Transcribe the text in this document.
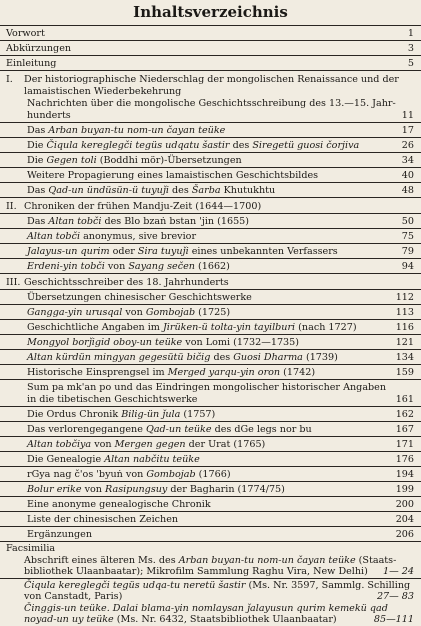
Inhaltsverzeichnis
Vorwort	1
Abkürzungen	3
Einleitung	5
I. Der historiographische Niederschlag der mongolischen Renaissance und der
lamaistischen Wiederbekehrung
Nachrichten über die mongolische Geschichtsschreibung des 13.—15. Jahr-
hunderts	11
Das Arban buyan-tu nom-un čayan teüke	17
Die Čiqula kereglegči tegüs udqatu šastir des Siregetü guosi čorjiva	26
Die Gegen toli (Boddhi mör)-Übersetzungen	34
Weitere Propagierung eines lamaistischen Geschichtsbildes	40
Das Qad-un ündüsün-ü tuyuǰi des Šarba Khutukhtu	48
II. Chroniken der frühen Mandju-Zeit (1644—1700)
Das Altan tobči des Blo bzaṅ bstan 'jin (1655)	50
Altan tobči anonymus, sive brevior	75
Jalayus-un qurim oder Sira tuyuǰi eines unbekannten Verfassers	79
Erdeni-yin tobči von Sayang sečen (1662)	94
III. Geschichtsschreiber des 18. Jahrhunderts
Übersetzungen chinesischer Geschichtswerke	112
Gangga-yin urusqal von Gombojab (1725)	113
Geschichtliche Angaben im Jirüken-ü tolta-yin tayilburi (nach 1727)	116
Mongyol borǰigid oboy-un teüke von Lomi (1732—1735)	121
Altan kürdün mingyan gegesütü bičig des Guosi Dharma (1739)	134
Historische Einsprengsel im Merged yarqu-yin oron (1742)	159
Sum pa mk'an po und das Eindringen mongolischer historischer Angaben
in die tibetischen Geschichtswerke	161
Die Ordus Chronik Bilig-ün ǰula (1757)	162
Das verlorengegangene Qad-un teüke des dGe legs nor bu	167
Altan tobčiya von Mergen gegen der Urat (1765)	171
Die Genealogie Altan nabčitu teüke	176
rGya nag č'os 'byuṅ von Gombojab (1766)	194
Bolur erike von Rasipungsuy der Bagharin (1774/75)	199
Eine anonyme genealogische Chronik	200
Liste der chinesischen Zeichen	204
Ergänzungen	206
Facsimilia
Abschrift eines älteren Ms. des Arban buyan-tu nom-un čayan teüke (Staats-
bibliothek Ulaanbaatar); Mikrofilm Sammlung Raghu Vira, New Delhi) 1— 24
Čiqula kereglegči tegüs udqa-tu neretü šastir (Ms. Nr. 3597, Sammlg. Schilling
von Canstadt, Paris)	27— 83
Činggis-un teüke. Dalai blama-yin nomlaysan ǰalayusun qurim kemekü qad
noyad-un uy teüke (Ms. Nr. 6432, Staatsbibliothek Ulaanbaatar)	85—111
